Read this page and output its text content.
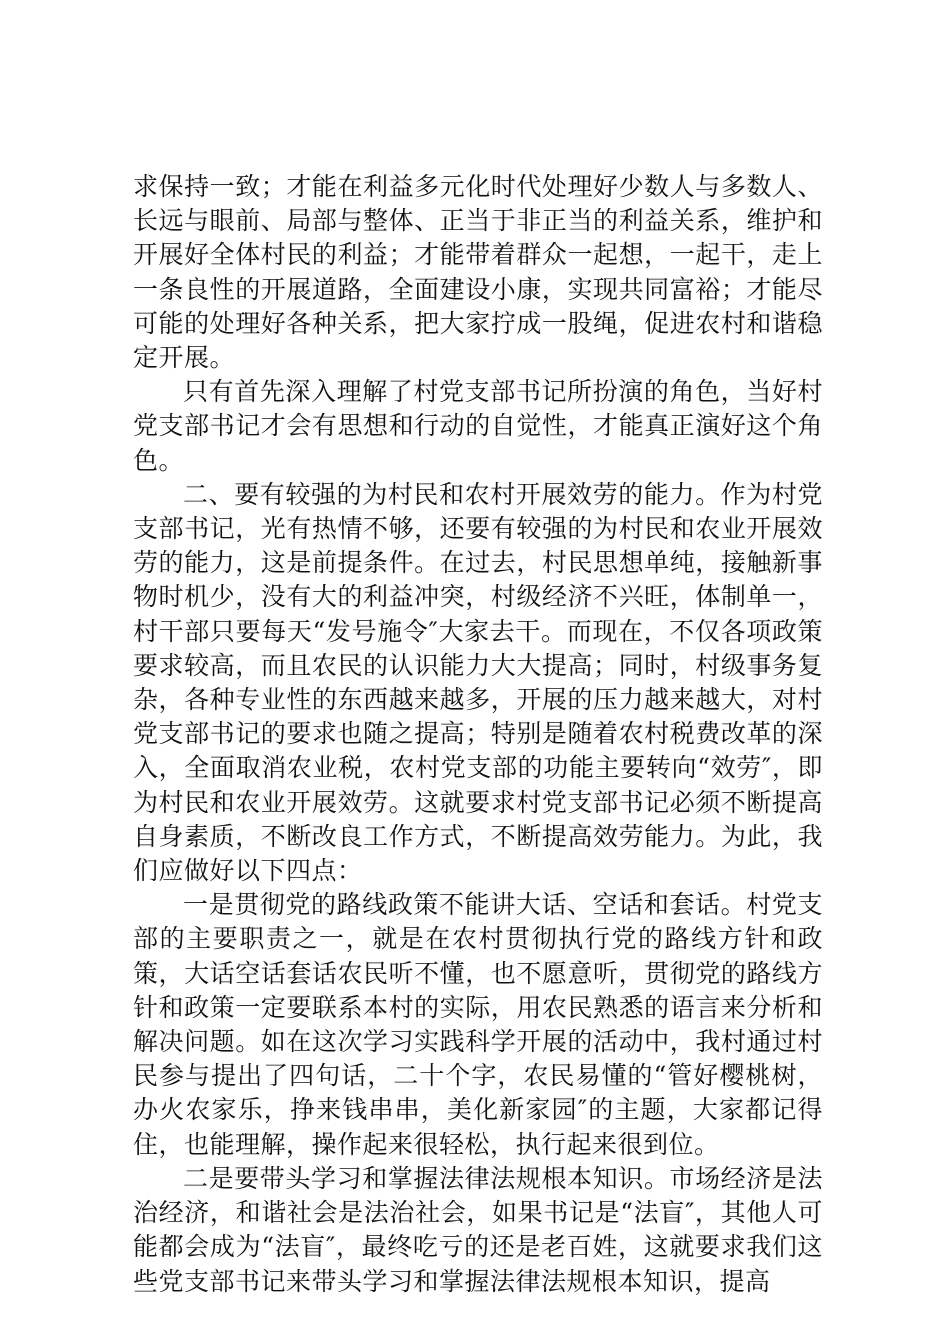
求保持一致；才能在利益多元化时代处理好少数人与多数人、长远与眼前、局部与整体、正当于非正当的利益关系，维护和开展好全体村民的利益；才能带着群众一起想，一起干，走上一条良性的开展道路，全面建设小康，实现共同富裕；才能尽可能的处理好各种关系，把大家拧成一股绳，促进农村和谐稳定开展。

只有首先深入理解了村党支部书记所扮演的角色，当好村党支部书记才会有思想和行动的自觉性，才能真正演好这个角色。

二、要有较强的为村民和农村开展效劳的能力。作为村党支部书记，光有热情不够，还要有较强的为村民和农业开展效劳的能力，这是前提条件。在过去，村民思想单纯，接触新事物时机少，没有大的利益冲突，村级经济不兴旺，体制单一，村干部只要每天“发号施令″大家去干。而现在，不仅各项政策要求较高，而且农民的认识能力大大提高；同时，村级事务复杂，各种专业性的东西越来越多，开展的压力越来越大，对村党支部书记的要求也随之提高；特别是随着农村税费改革的深入，全面取消农业税，农村党支部的功能主要转向“效劳″，即为村民和农业开展效劳。这就要求村党支部书记必须不断提高自身素质，不断改良工作方式，不断提高效劳能力。为此，我们应做好以下四点：

一是贯彻党的路线政策不能讲大话、空话和套话。村党支部的主要职责之一，就是在农村贯彻执行党的路线方针和政策，大话空话套话农民听不懂，也不愿意听，贯彻党的路线方针和政策一定要联系本村的实际，用农民熟悉的语言来分析和解决问题。如在这次学习实践科学开展的活动中，我村通过村民参与提出了四句话，二十个字，农民易懂的“管好樱桃树，办火农家乐，挣来钱串串，美化新家园″的主题，大家都记得住，也能理解，操作起来很轻松，执行起来很到位。

二是要带头学习和掌握法律法规根本知识。市场经济是法治经济，和谐社会是法治社会，如果书记是“法盲″，其他人可能都会成为“法盲″，最终吃亏的还是老百姓，这就要求我们这些党支部书记来带头学习和掌握法律法规根本知识，提高
